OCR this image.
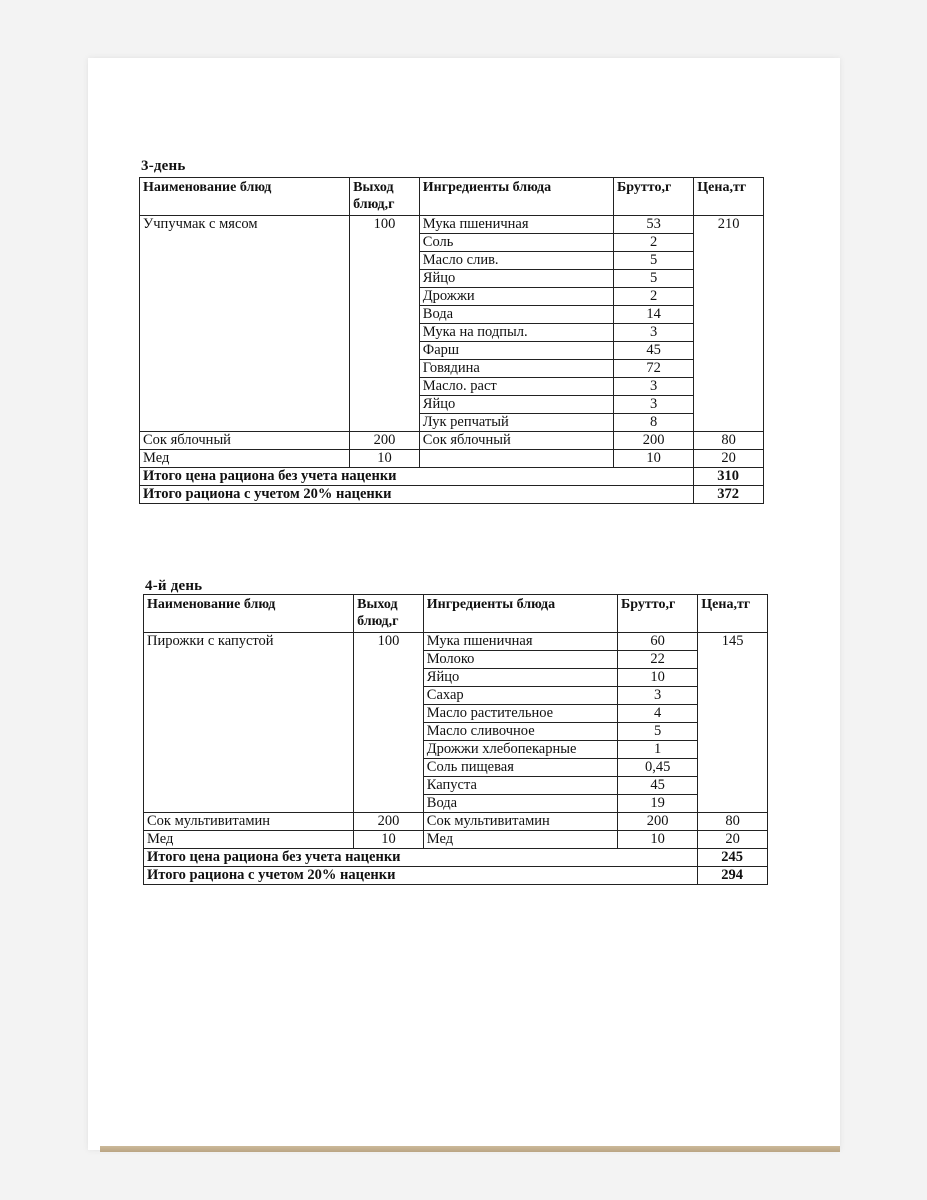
3-день
Наименование блюд	Выход блюд,г	Ингредиенты блюда	Брутто,г	Цена,тг
Учпучмак с мясом	100	Мука пшеничная	53	210
		Соль	2	
		Масло слив.	5	
		Яйцо	5	
		Дрожжи	2	
		Вода	14	
		Мука на подпыл.	3	
		Фарш	45	
		Говядина	72	
		Масло. раст	3	
		Яйцо	3	
		Лук репчатый	8	
Сок яблочный	200	Сок яблочный	200	80
Мед	10		10	20
Итого цена рациона без учета наценки				310
Итого рациона с учетом 20% наценки				372
4-й день
Наименование блюд	Выход блюд,г	Ингредиенты блюда	Брутто,г	Цена,тг
Пирожки с капустой	100	Мука пшеничная	60	145
		Молоко	22	
		Яйцо	10	
		Сахар	3	
		Масло растительное	4	
		Масло сливочное	5	
		Дрожжи хлебопекарные	1	
		Соль пищевая	0,45	
		Капуста	45	
		Вода	19	
Сок мультивитамин	200	Сок мультивитамин	200	80
Мед	10	Мед	10	20
Итого цена рациона без учета наценки				245
Итого рациона с учетом 20% наценки				294
